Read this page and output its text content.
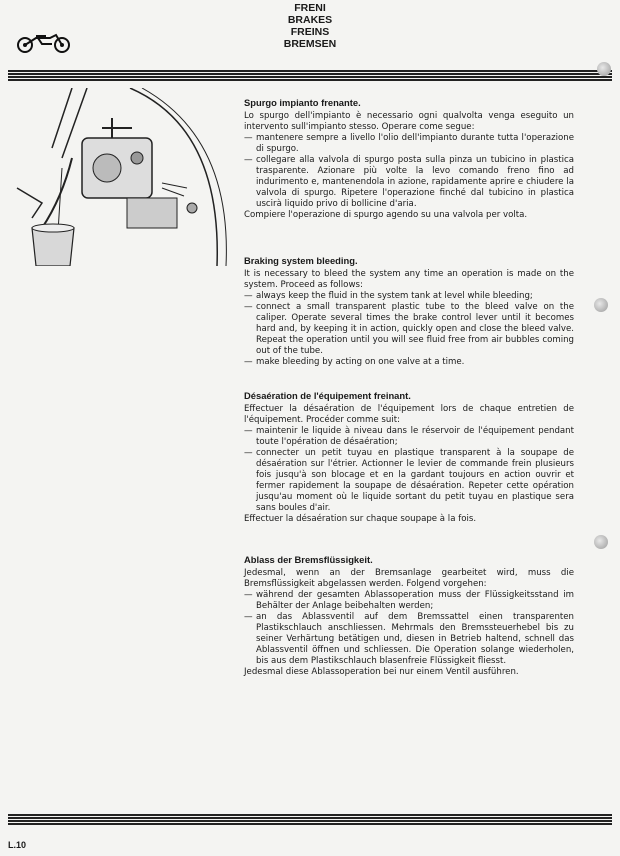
FRENI
BRAKES
FREINS
BREMSEN
Spurgo impianto frenante.

Lo spurgo dell'impianto è necessario ogni qualvolta venga eseguito un intervento sull'impianto stesso. Operare come segue:

— mantenere sempre a livello l'olio dell'impianto durante tutta l'operazione di spurgo.
— collegare alla valvola di spurgo posta sulla pinza un tubicino in plastica trasparente. Azionare più volte la levo comando freno fino ad indurimento e, mantenendola in azione, rapidamente aprire e chiudere la valvola di spurgo. Ripetere l'operazione finché dal tubicino in plastica uscirà liquido privo di bollicine d'aria.

Compiere l'operazione di spurgo agendo su una valvola per volta.

Braking system bleeding.

It is necessary to bleed the system any time an operation is made on the system. Proceed as follows:

— always keep the fluid in the system tank at level while bleeding;
— connect a small transparent plastic tube to the bleed valve on the caliper. Operate several times the brake control lever until it becomes hard and, by keeping it in action, quickly open and close the bleed valve. Repeat the operation until you will see fluid free from air bubbles coming out of the tube.
— make bleeding by acting on one valve at a time.
Désaération de l'équipement freinant.

Effectuer la désaération de l'équipement lors de chaque entretien de l'équipement. Procéder comme suit:

— maintenir le liquide à niveau dans le réservoir de l'équipement pendant toute l'opération de désaération;
— connecter un petit tuyau en plastique transparent à la soupape de désaération sur l'étrier. Actionner le levier de commande frein plusieurs fois jusqu'à son blocage et en la gardant toujours en action ouvrir et fermer rapidement la soupape de désaération. Repeter cette opération jusqu'au moment où le liquide sortant du petit tuyau en plastique sera sans boules d'air.

Effectuer la désaération sur chaque soupape à la fois.

Ablass der Bremsflüssigkeit.

Jedesmal, wenn an der Bremsanlage gearbeitet wird, muss die Bremsflüssigkeit abgelassen werden. Folgend vorgehen:

— während der gesamten Ablassoperation muss der Flüssigkeitsstand im Behälter der Anlage beibehalten werden;
— an das Ablassventil auf dem Bremssattel einen transparenten Plastikschlauch anschliessen. Mehrmals den Bremssteuerhebel bis zu seiner Verhärtung betätigen und, diesen in Betrieb haltend, schnell das Ablassventil öffnen und schliessen. Die Operation solange wiederholen, bis aus dem Plastikschlauch blasenfreie Flüssigkeit fliesst.

Jedesmal diese Ablassoperation bei nur einem Ventil ausführen.

L.10
